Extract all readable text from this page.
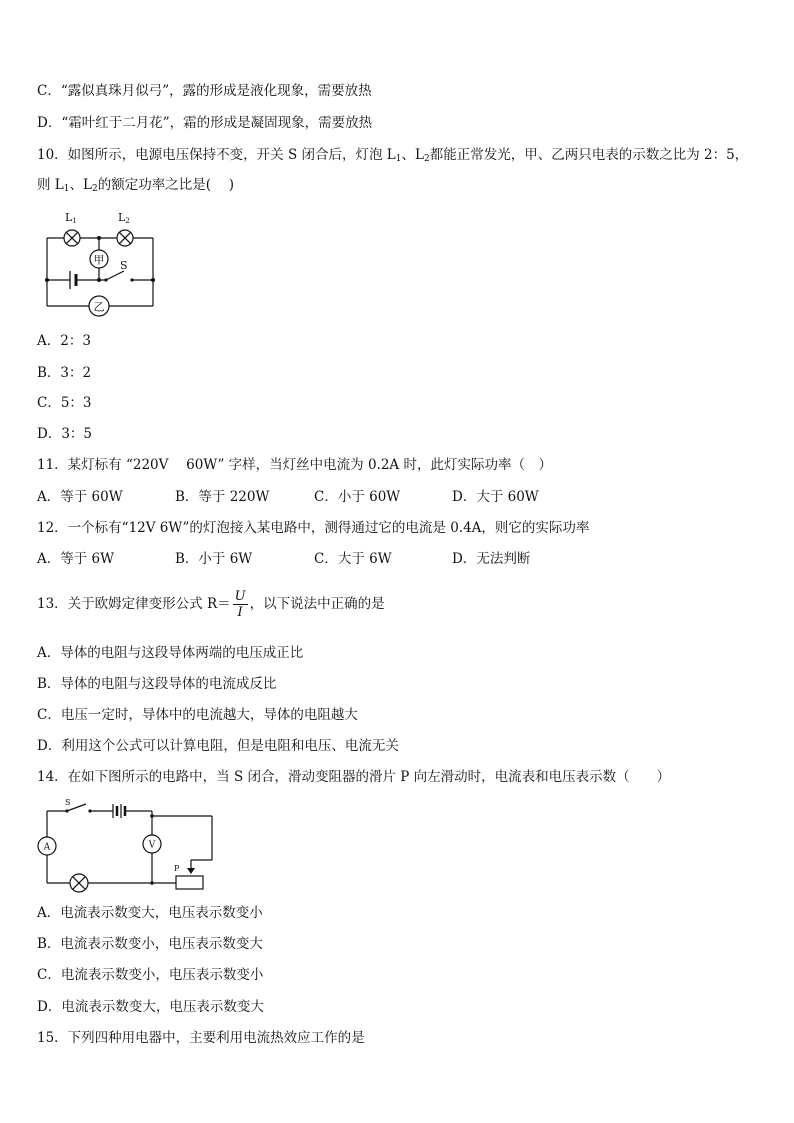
C．“露似真珠月似弓”，露的形成是液化现象，需要放热
D．“霜叶红于二月花”，霜的形成是凝固现象，需要放热
10．如图所示，电源电压保持不变，开关 S 闭合后，灯泡 $L_1$、$L_2$都能正常发光，甲、乙两只电表的示数之比为 2：5，
则 $L_1$、$L_2$的额定功率之比是(　 )
甲
乙
L1	L2
S
A．2：3
B．3：2
C．5：3
D．3：5
11．某灯标有 “220V　 60W” 字样，当灯丝中电流为 0.2A 时，此灯实际功率（　）
A．等于 60W	B．等于 220W	C．小于 60W	D．大于 60W
12．一个标有“12V 6W”的灯泡接入某电路中，测得通过它的电流是 0.4A，则它的实际功率
A．等于 6W	B．小于 6W	C．大于 6W	D．无法判断
13．关于欧姆定律变形公式 $R= \frac{U}{I}$ ，以下说法中正确的是
A．导体的电阻与这段导体两端的电压成正比
B．导体的电阻与这段导体的电流成反比
C．电压一定时，导体中的电流越大，导体的电阻越大
D．利用这个公式可以计算电阻，但是电阻和电压、电流无关
14．在如下图所示的电路中，当 S 闭合，滑动变阻器的滑片 P 向左滑动时，电流表和电压表示数（　　）
A	V
S
P
A．电流表示数变大，电压表示数变小
B．电流表示数变小，电压表示数变大
C．电流表示数变小，电压表示数变小
D．电流表示数变大，电压表示数变大
15．下列四种用电器中，主要利用电流热效应工作的是
